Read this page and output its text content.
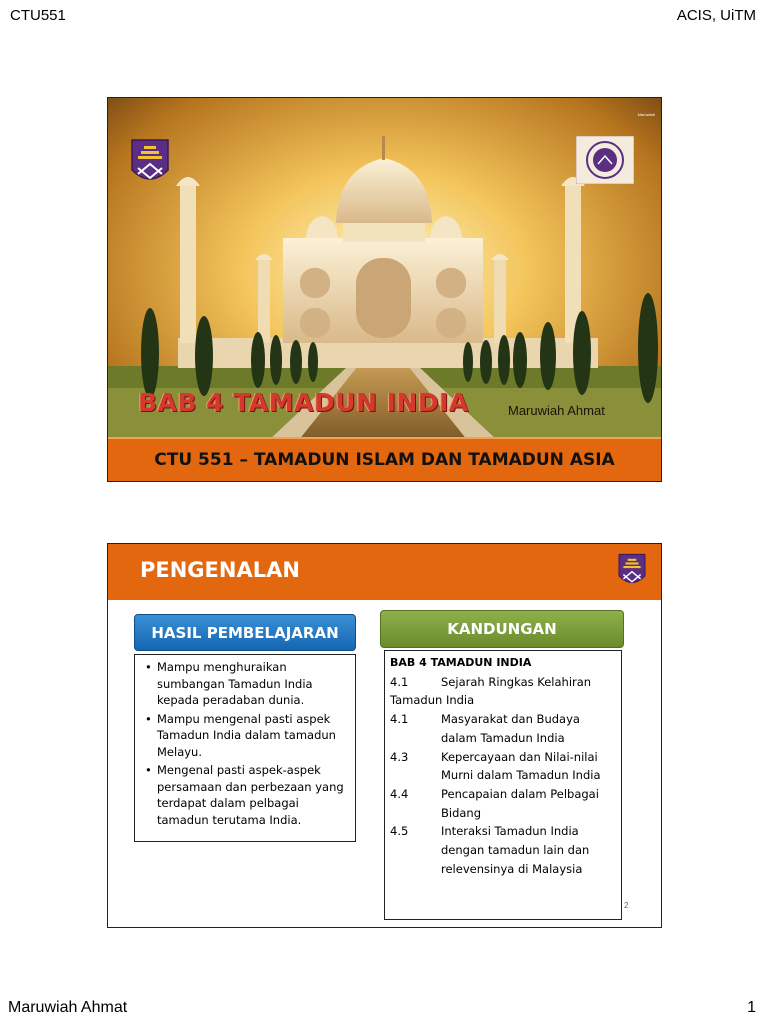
CTU551	ACIS, UiTM
Maruwiah
BAB 4 TAMADUN INDIA	Maruwiah Ahmat
CTU 551 – TAMADUN ISLAM DAN TAMADUN ASIA
PENGENALAN
HASIL PEMBELAJARAN
• Mampu menghuraikan sumbangan Tamadun India kepada peradaban dunia.
• Mampu mengenal pasti aspek Tamadun India dalam tamadun Melayu.
• Mengenal pasti aspek-aspek persamaan dan perbezaan yang terdapat dalam pelbagai tamadun terutama India.
KANDUNGAN
BAB 4 TAMADUN INDIA
4.1	Sejarah Ringkas Kelahiran Tamadun India
4.1	Masyarakat dan Budaya dalam Tamadun India
4.3	Kepercayaan dan Nilai-nilai Murni dalam Tamadun India
4.4	Pencapaian dalam Pelbagai Bidang
4.5	Interaksi Tamadun India dengan tamadun lain dan relevensinya di Malaysia
2
Maruwiah Ahmat	1
